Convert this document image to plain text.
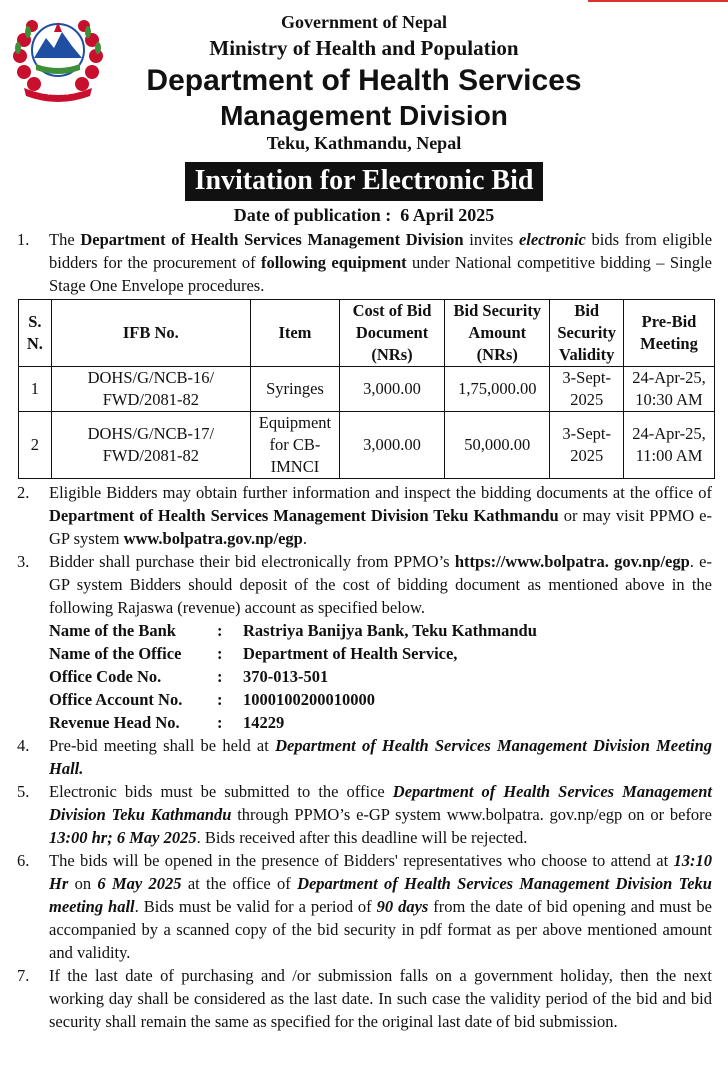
· · · · · ·
Government of Nepal
Ministry of Health and Population
Department of Health Services
Management Division
Teku, Kathmandu, Nepal
Invitation for Electronic Bid
Date of publication : 6 April 2025
1. The Department of Health Services Management Division invites electronic bids from eligible bidders for the procurement of following equipment under National competitive bidding – Single Stage One Envelope procedures.
S. N.	IFB No.	Item	Cost of Bid Document (NRs)	Bid Security Amount (NRs)	Bid Security Validity	Pre-Bid Meeting
1	DOHS/G/NCB-16/ FWD/2081-82	Syringes	3,000.00	1,75,000.00	3-Sept- 2025	24-Apr-25, 10:30 AM
2	DOHS/G/NCB-17/ FWD/2081-82	Equipment for CB-IMNCI	3,000.00	50,000.00	3-Sept- 2025	24-Apr-25, 11:00 AM
2. Eligible Bidders may obtain further information and inspect the bidding documents at the office of Department of Health Services Management Division Teku Kathmandu or may visit PPMO e-GP system www.bolpatra.gov.np/egp.
3. Bidder shall purchase their bid electronically from PPMO’s https://www.bolpatra. gov.np/egp. e-GP system Bidders should deposit of the cost of bidding document as mentioned above in the following Rajaswa (revenue) account as specified below.
Name of the Bank	:	Rastriya Banijya Bank, Teku Kathmandu
Name of the Office	:	Department of Health Service,
Office Code No.	:	370-013-501
Office Account No.	:	1000100200010000
Revenue Head No.	:	14229
4. Pre-bid meeting shall be held at Department of Health Services Management Division Meeting Hall.
5. Electronic bids must be submitted to the office Department of Health Services Management Division Teku Kathmandu through PPMO’s e-GP system www.bolpatra. gov.np/egp on or before 13:00 hr; 6 May 2025. Bids received after this deadline will be rejected.
6. The bids will be opened in the presence of Bidders' representatives who choose to attend at 13:10 Hr on 6 May 2025 at the office of Department of Health Services Management Division Teku meeting hall. Bids must be valid for a period of 90 days from the date of bid opening and must be accompanied by a scanned copy of the bid security in pdf format as per above mentioned amount and validity.
7. If the last date of purchasing and /or submission falls on a government holiday, then the next working day shall be considered as the last date. In such case the validity period of the bid and bid security shall remain the same as specified for the original last date of bid submission.
